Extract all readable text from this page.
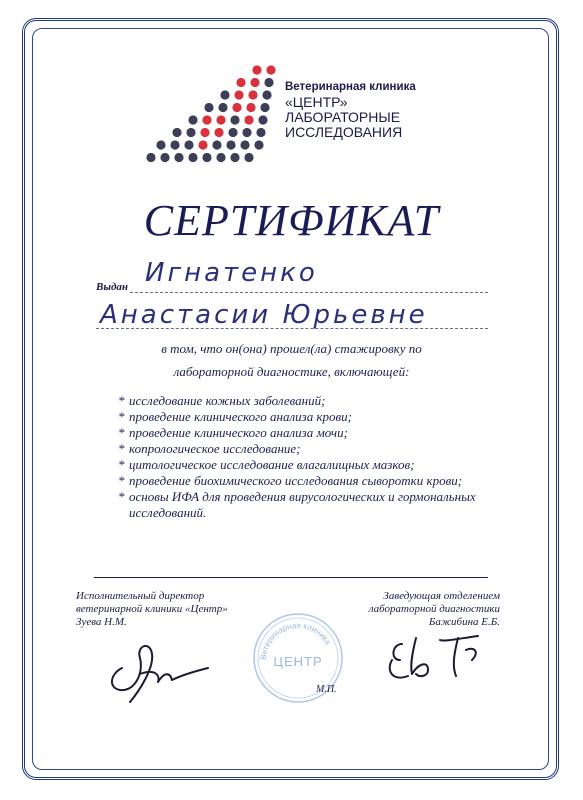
Ветеринарная клиника
«ЦЕНТР»
ЛАБОРАТОРНЫЕ
ИССЛЕДОВАНИЯ
СЕРТИФИКАТ
Выдан Игнатенко
Анастасии Юрьевне
в том, что он(она) прошел(ла) стажировку по
лабораторной диагностике, включающей:
* исследование кожных заболеваний;
* проведение клинического анализа крови;
* проведение клинического анализа мочи;
* копрологическое исследование;
* цитологическое исследование влагалищных мазков;
* проведение биохимического исследования сыворотки крови;
* основы ИФА для проведения вирусологических и гормональных исследований.
Исполнительный директор
ветеринарной клиники «Центр»
Зуева Н.М.
Заведующая отделением
лабораторной диагностики
Бажибина Е.Б.
Ветеринарная клиника
ЦЕНТР
М.П.
